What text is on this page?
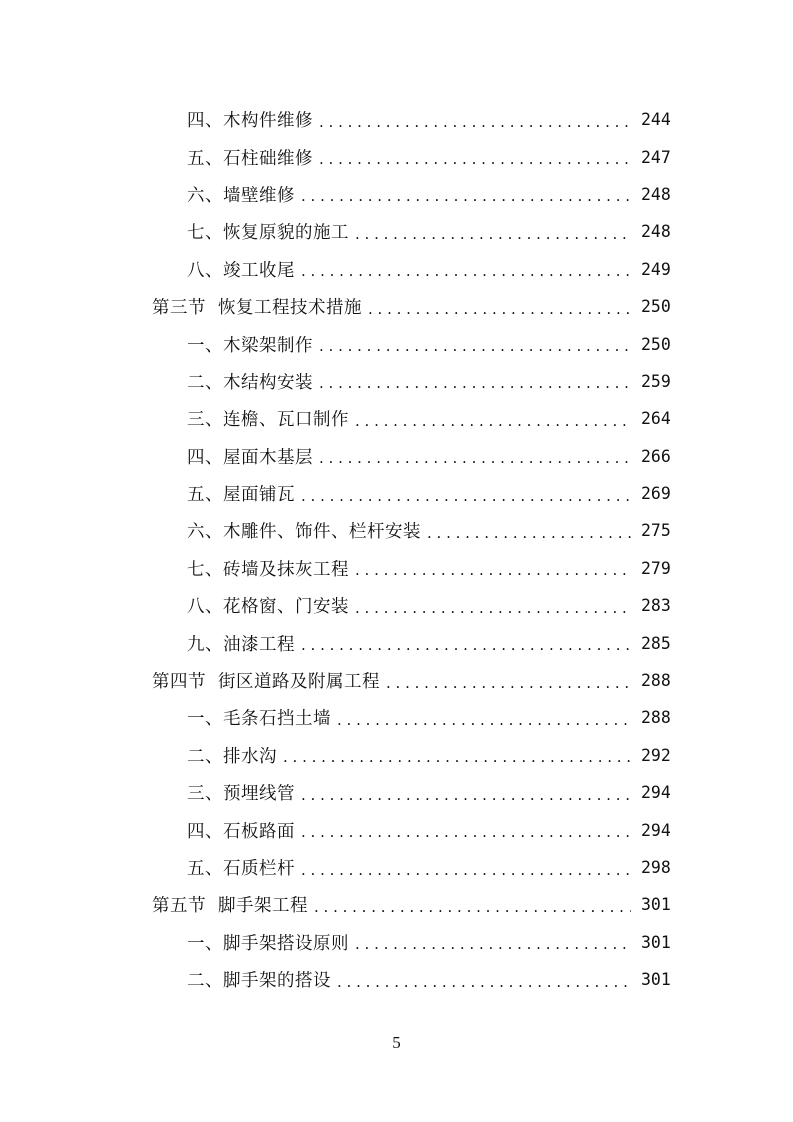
四、木构件维修 . . .	244
五、石柱础维修 . . .	247
六、墙壁维修 . . .	248
七、恢复原貌的施工 . . .	248
八、竣工收尾 . . .	249
第三节 恢复工程技术措施 . . .	250
一、木梁架制作 . . .	250
二、木结构安装 . . .	259
三、连檐、瓦口制作 . . .	264
四、屋面木基层 . . .	266
五、屋面铺瓦 . . .	269
六、木雕件、饰件、栏杆安装 . . .	275
七、砖墙及抹灰工程 . . .	279
八、花格窗、门安装 . . .	283
九、油漆工程 . . .	285
第四节 街区道路及附属工程 . . .	288
一、毛条石挡土墙 . . .	288
二、排水沟 . . .	292
三、预埋线管 . . .	294
四、石板路面 . . .	294
五、石质栏杆 . . .	298
第五节 脚手架工程 . . .	301
一、脚手架搭设原则 . . .	301
二、脚手架的搭设 . . .	301
5
